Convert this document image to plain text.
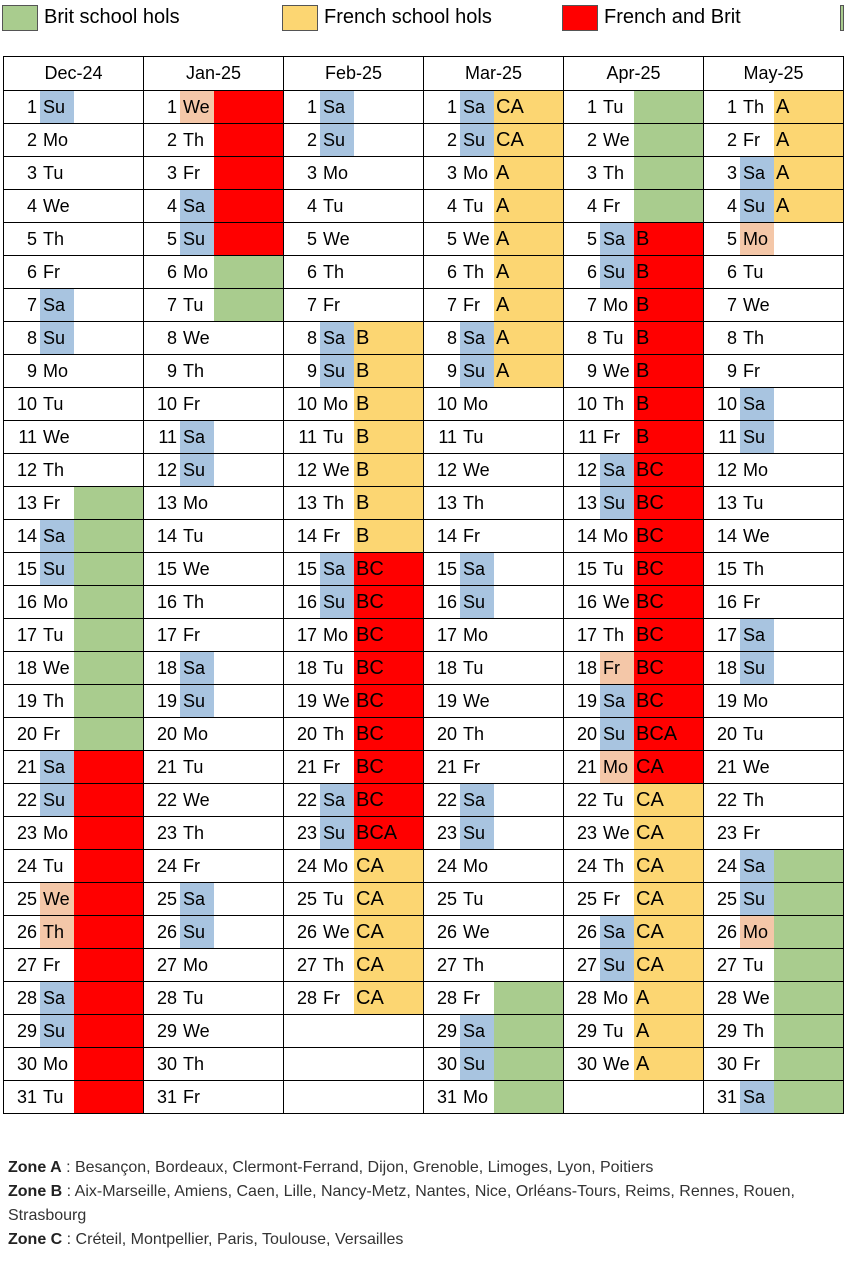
Brit school hols	French school hols	French and Brit
Dec-24	Jan-25	Feb-25	Mar-25	Apr-25	May-25

1 Su	1 We	1 Sa	1 Sa CA	1 Tu	1 Th A

2 Mo	2 Th	2 Su	2 Su CA	2 We	2 Fr A

3 Tu	3 Fr	3 Mo	3 Mo A	3 Th	3 Sa A

4 We	4 Sa	4 Tu	4 Tu A	4 Fr	4 Su A

5 Th	5 Su	5 We	5 We A	5 Sa B	5 Mo

6 Fr	6 Mo	6 Th	6 Th A	6 Su B	6 Tu

7 Sa	7 Tu	7 Fr	7 Fr A	7 Mo B	7 We

8 Su	8 We	8 Sa B	8 Sa A	8 Tu B	8 Th

9 Mo	9 Th	9 Su B	9 Su A	9 We B	9 Fr

10 Tu	10 Fr	10 Mo B	10 Mo	10 Th B	10 Sa

11 We	11 Sa	11 Tu B	11 Tu	11 Fr B	11 Su

12 Th	12 Su	12 We B	12 We	12 Sa BC	12 Mo

13 Fr	13 Mo	13 Th B	13 Th	13 Su BC	13 Tu

14 Sa	14 Tu	14 Fr B	14 Fr	14 Mo BC	14 We

15 Su	15 We	15 Sa BC	15 Sa	15 Tu BC	15 Th

16 Mo	16 Th	16 Su BC	16 Su	16 We BC	16 Fr

17 Tu	17 Fr	17 Mo BC	17 Mo	17 Th BC	17 Sa

18 We	18 Sa	18 Tu BC	18 Tu	18 Fr BC	18 Su

19 Th	19 Su	19 We BC	19 We	19 Sa BC	19 Mo

20 Fr	20 Mo	20 Th BC	20 Th	20 Su BCA	20 Tu

21 Sa	21 Tu	21 Fr BC	21 Fr	21 Mo CA	21 We

22 Su	22 We	22 Sa BC	22 Sa	22 Tu CA	22 Th

23 Mo	23 Th	23 Su BCA	23 Su	23 We CA	23 Fr

24 Tu	24 Fr	24 Mo CA	24 Mo	24 Th CA	24 Sa

25 We	25 Sa	25 Tu CA	25 Tu	25 Fr CA	25 Su

26 Th	26 Su	26 We CA	26 We	26 Sa CA	26 Mo

27 Fr	27 Mo	27 Th CA	27 Th	27 Su CA	27 Tu

28 Sa	28 Tu	28 Fr CA	28 Fr	28 Mo A	28 We

29 Su	29 We		29 Sa	29 Tu A	29 Th

30 Mo	30 Th		30 Su	30 We A	30 Fr

31 Tu	31 Fr		31 Mo		31 Sa
Zone A : Besançon, Bordeaux, Clermont-Ferrand, Dijon, Grenoble, Limoges, Lyon, Poitiers
Zone B : Aix-Marseille, Amiens, Caen, Lille, Nancy-Metz, Nantes, Nice, Orléans-Tours, Reims, Rennes, Rouen, Strasbourg
Zone C : Créteil, Montpellier, Paris, Toulouse, Versailles
